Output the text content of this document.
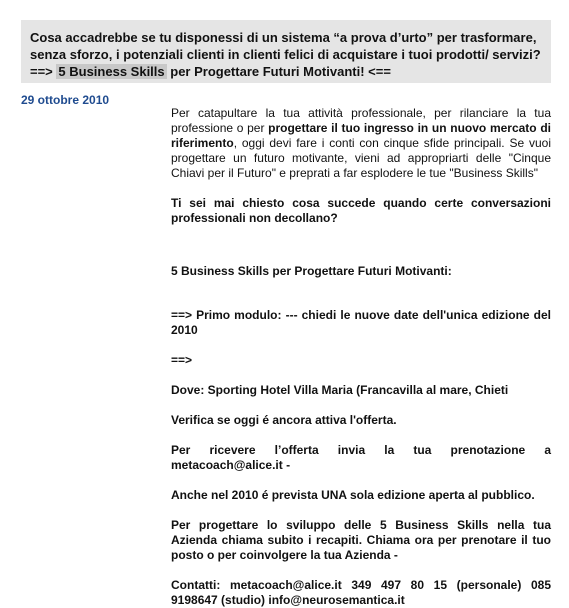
Cosa accadrebbe se tu disponessi di un sistema “a prova d’urto” per trasformare, senza sforzo, i potenziali clienti in clienti felici di acquistare i tuoi prodotti/ servizi? ==> 5 Business Skills per Progettare Futuri Motivanti! <==
29 ottobre 2010

Per catapultare la tua attività professionale, per rilanciare la tua professione o per progettare il tuo ingresso in un nuovo mercato di riferimento, oggi devi fare i conti con cinque sfide principali. Se vuoi progettare un futuro motivante, vieni ad appropriarti delle "Cinque Chiavi per il Futuro" e preprati a far esplodere le tue "Business Skills"

Ti sei mai chiesto cosa succede quando certe conversazioni professionali non decollano?

5 Business Skills per Progettare Futuri Motivanti:

==> Primo modulo: --- chiedi le nuove date dell'unica edizione del 2010

==>

Dove: Sporting Hotel Villa Maria (Francavilla al mare, Chieti

Verifica se oggi é ancora attiva l'offerta.

Per ricevere l’offerta invia la tua prenotazione a metacoach@alice.it -

Anche nel 2010 é prevista UNA sola edizione aperta al pubblico.

Per progettare lo sviluppo delle 5 Business Skills nella tua Azienda chiama subito i recapiti. Chiama ora per prenotare il tuo posto o per coinvolgere la tua Azienda -

Contatti: metacoach@alice.it 349 497 80 15 (personale) 085 9198647 (studio) info@neurosemantica.it
